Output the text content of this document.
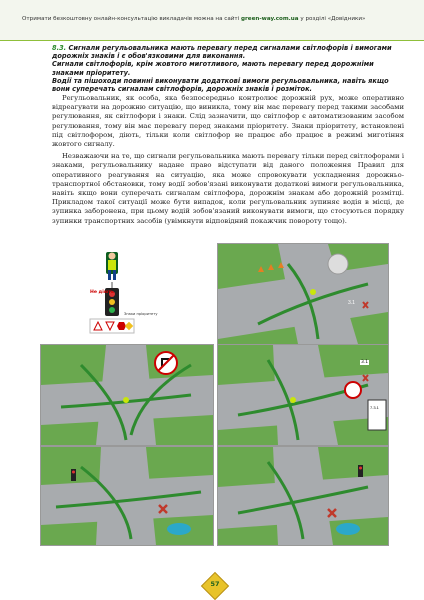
Отримати безкоштовну онлайн-консультацію викладачів можна на сайті green-way.com.ua у розділі «Довідники»

8.3. Сигнали регульовальника мають перевагу перед сигналами світлофорів і вимогами дорожніх знаків і є обов'язковими для виконання.

Сигнали світлофорів, крім жовтого миготливого, мають перевагу перед дорожніми знаками пріоритету.

Водії та пішоходи повинні виконувати додаткові вимоги регульовальника, навіть якщо вони суперечать сигналам світлофорів, дорожніх знаків і розміток.

Регульовальник, як особа, яка безпосередньо контролює дорожній рух, може оперативно відреагувати на дорожню ситуацію, що виникла, тому він має перевагу перед такими засобами регулювання, як світлофори і знаки. Слід зазначити, що світлофор є автоматизованим засобом регулювання, тому він має перевагу перед знаками пріоритету. Знаки пріоритету, встановлені під світлофором, діють, тільки коли світлофор не працює або працює в режимі миготіння жовтого сигналу.

Незважаючи на те, що сигнали регульовальника мають перевагу тільки перед світлофорами і знаками, регульовальнику надане право відступати від даного положення Правил для оперативного реагування на ситуацію, яка може спровокувати ускладнення дорожньо-транспортної обстановки, тому водії зобов'язані виконувати додаткові вимоги регульовальника, навіть якщо вони суперечать сигналам світлофора, дорожнім знакам або дорожній розмітці. Прикладом такої ситуації може бути випадок, коли регульовальник зупиняє водія в місці, де зупинка заборонена, при цьому водій зобов'язаний виконувати вимоги, що стосуються порядку зупинки транспортних засобів (увімкнути відповідний покажчик повороту тощо).

Не діють
Знаки пріоритету
3.1
7.3.1
3.1
57
